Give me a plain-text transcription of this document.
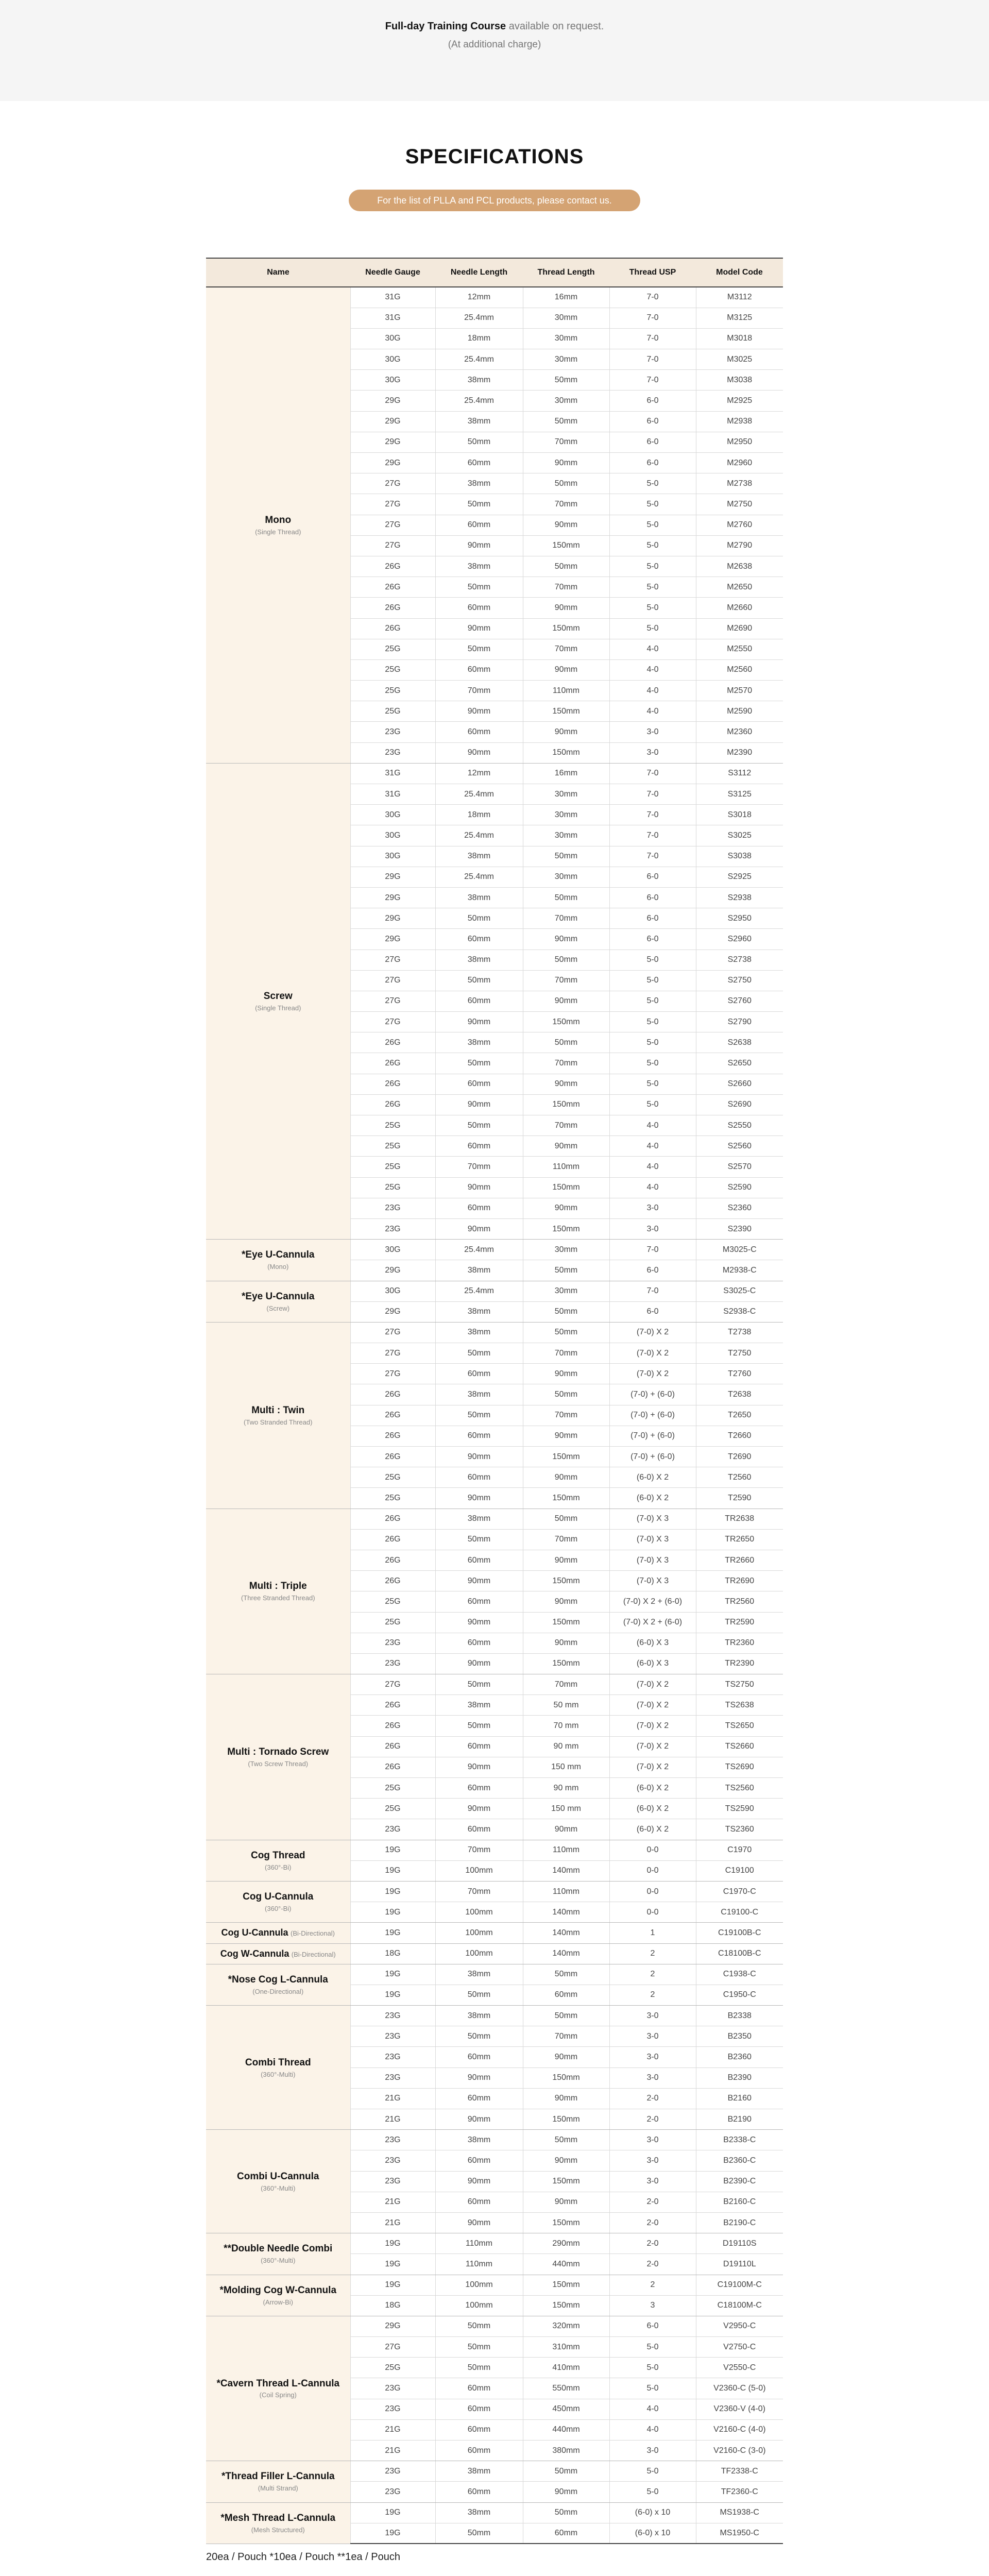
Full-day Training Course available on request.
(At additional charge)
SPECIFICATIONS
For the list of PLLA and PCL products, please contact us.
Name	Needle Gauge	Needle Length	Thread Length	Thread USP	Model Code

Mono
(Single Thread)	31G	12mm	16mm	7-0	M3112
	31G	25.4mm	30mm	7-0	M3125
	30G	18mm	30mm	7-0	M3018
	30G	25.4mm	30mm	7-0	M3025
	30G	38mm	50mm	7-0	M3038
	29G	25.4mm	30mm	6-0	M2925
	29G	38mm	50mm	6-0	M2938
	29G	50mm	70mm	6-0	M2950
	29G	60mm	90mm	6-0	M2960
	27G	38mm	50mm	5-0	M2738
	27G	50mm	70mm	5-0	M2750
	27G	60mm	90mm	5-0	M2760
	27G	90mm	150mm	5-0	M2790
	26G	38mm	50mm	5-0	M2638
	26G	50mm	70mm	5-0	M2650
	26G	60mm	90mm	5-0	M2660
	26G	90mm	150mm	5-0	M2690
	25G	50mm	70mm	4-0	M2550
	25G	60mm	90mm	4-0	M2560
	25G	70mm	110mm	4-0	M2570
	25G	90mm	150mm	4-0	M2590
	23G	60mm	90mm	3-0	M2360
	23G	90mm	150mm	3-0	M2390

Screw
(Single Thread)	31G	12mm	16mm	7-0	S3112
	31G	25.4mm	30mm	7-0	S3125
	30G	18mm	30mm	7-0	S3018
	30G	25.4mm	30mm	7-0	S3025
	30G	38mm	50mm	7-0	S3038
	29G	25.4mm	30mm	6-0	S2925
	29G	38mm	50mm	6-0	S2938
	29G	50mm	70mm	6-0	S2950
	29G	60mm	90mm	6-0	S2960
	27G	38mm	50mm	5-0	S2738
	27G	50mm	70mm	5-0	S2750
	27G	60mm	90mm	5-0	S2760
	27G	90mm	150mm	5-0	S2790
	26G	38mm	50mm	5-0	S2638
	26G	50mm	70mm	5-0	S2650
	26G	60mm	90mm	5-0	S2660
	26G	90mm	150mm	5-0	S2690
	25G	50mm	70mm	4-0	S2550
	25G	60mm	90mm	4-0	S2560
	25G	70mm	110mm	4-0	S2570
	25G	90mm	150mm	4-0	S2590
	23G	60mm	90mm	3-0	S2360
	23G	90mm	150mm	3-0	S2390

*Eye U-Cannula
(Mono)	30G	25.4mm	30mm	7-0	M3025-C
	29G	38mm	50mm	6-0	M2938-C

*Eye U-Cannula
(Screw)	30G	25.4mm	30mm	7-0	S3025-C
	29G	38mm	50mm	6-0	S2938-C

Multi : Twin
(Two Stranded Thread)	27G	38mm	50mm	(7-0) X 2	T2738
	27G	50mm	70mm	(7-0) X 2	T2750
	27G	60mm	90mm	(7-0) X 2	T2760
	26G	38mm	50mm	(7-0) + (6-0)	T2638
	26G	50mm	70mm	(7-0) + (6-0)	T2650
	26G	60mm	90mm	(7-0) + (6-0)	T2660
	26G	90mm	150mm	(7-0) + (6-0)	T2690
	25G	60mm	90mm	(6-0) X 2	T2560
	25G	90mm	150mm	(6-0) X 2	T2590

Multi : Triple
(Three Stranded Thread)	26G	38mm	50mm	(7-0) X 3	TR2638
	26G	50mm	70mm	(7-0) X 3	TR2650
	26G	60mm	90mm	(7-0) X 3	TR2660
	26G	90mm	150mm	(7-0) X 3	TR2690
	25G	60mm	90mm	(7-0) X 2 + (6-0)	TR2560
	25G	90mm	150mm	(7-0) X 2 + (6-0)	TR2590
	23G	60mm	90mm	(6-0) X 3	TR2360
	23G	90mm	150mm	(6-0) X 3	TR2390

Multi : Tornado Screw
(Two Screw Thread)	27G	50mm	70mm	(7-0) X 2	TS2750
	26G	38mm	50 mm	(7-0) X 2	TS2638
	26G	50mm	70 mm	(7-0) X 2	TS2650
	26G	60mm	90 mm	(7-0) X 2	TS2660
	26G	90mm	150 mm	(7-0) X 2	TS2690
	25G	60mm	90 mm	(6-0) X 2	TS2560
	25G	90mm	150 mm	(6-0) X 2	TS2590
	23G	60mm	90mm	(6-0) X 2	TS2360

Cog Thread
(360°-Bi)	19G	70mm	110mm	0-0	C1970
	19G	100mm	140mm	0-0	C19100

Cog U-Cannula
(360°-Bi)	19G	70mm	110mm	0-0	C1970-C
	19G	100mm	140mm	0-0	C19100-C
Cog U-Cannula (Bi-Directional)	19G	100mm	140mm	1	C19100B-C
Cog W-Cannula (Bi-Directional)	18G	100mm	140mm	2	C18100B-C

*Nose Cog L-Cannula
(One-Directional)	19G	38mm	50mm	2	C1938-C
	19G	50mm	60mm	2	C1950-C

Combi Thread
(360°-Multi)	23G	38mm	50mm	3-0	B2338
	23G	50mm	70mm	3-0	B2350
	23G	60mm	90mm	3-0	B2360
	23G	90mm	150mm	3-0	B2390
	21G	60mm	90mm	2-0	B2160
	21G	90mm	150mm	2-0	B2190

Combi U-Cannula
(360°-Multi)	23G	38mm	50mm	3-0	B2338-C
	23G	60mm	90mm	3-0	B2360-C
	23G	90mm	150mm	3-0	B2390-C
	21G	60mm	90mm	2-0	B2160-C
	21G	90mm	150mm	2-0	B2190-C

**Double Needle Combi
(360°-Multi)	19G	110mm	290mm	2-0	D19110S
	19G	110mm	440mm	2-0	D19110L

*Molding Cog W-Cannula
(Arrow-Bi)	19G	100mm	150mm	2	C19100M-C
	18G	100mm	150mm	3	C18100M-C

*Cavern Thread L-Cannula
(Coil Spring)	29G	50mm	320mm	6-0	V2950-C
	27G	50mm	310mm	5-0	V2750-C
	25G	50mm	410mm	5-0	V2550-C
	23G	60mm	550mm	5-0	V2360-C (5-0)
	23G	60mm	450mm	4-0	V2360-V (4-0)
	21G	60mm	440mm	4-0	V2160-C (4-0)
	21G	60mm	380mm	3-0	V2160-C (3-0)

*Thread Filler L-Cannula
(Multi Strand)	23G	38mm	50mm	5-0	TF2338-C
	23G	60mm	90mm	5-0	TF2360-C

*Mesh Thread L-Cannula
(Mesh Structured)	19G	38mm	50mm	(6-0) x 10	MS1938-C
	19G	50mm	60mm	(6-0) x 10	MS1950-C
20ea / Pouch *10ea / Pouch **1ea / Pouch
